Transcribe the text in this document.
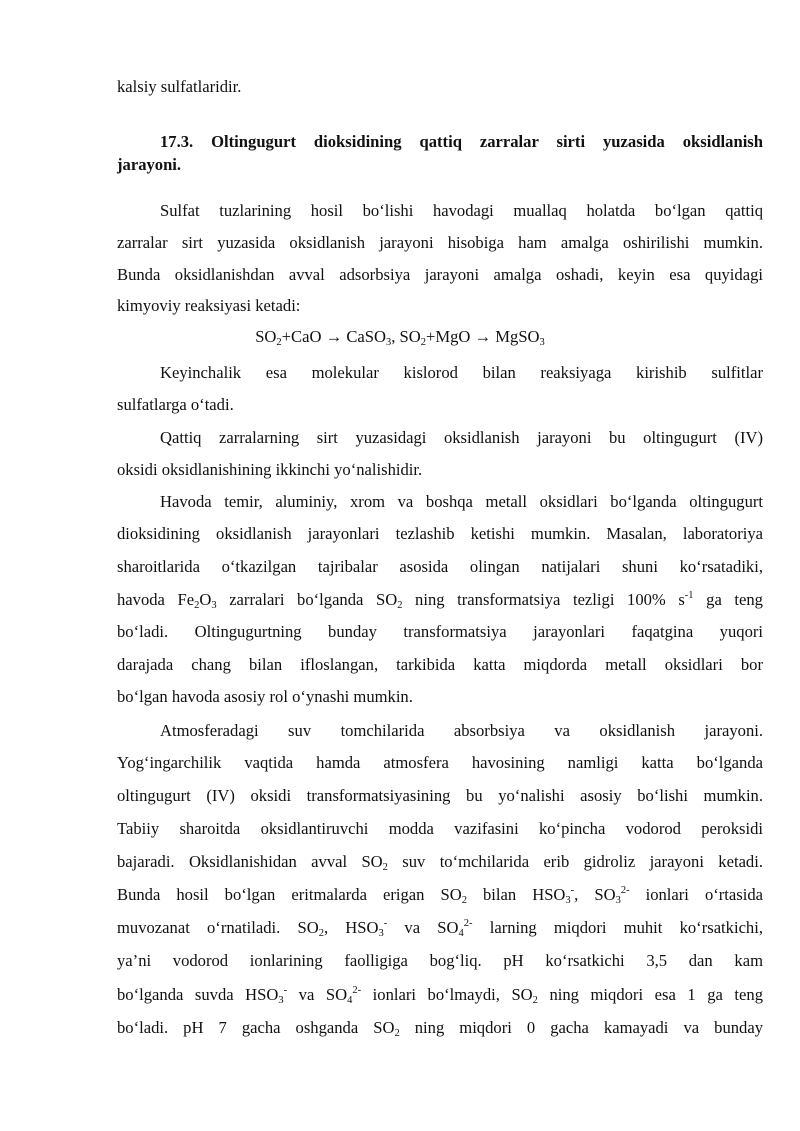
kalsiy sulfatlaridir.
17.3. Oltingugurt dioksidining qattiq zarralar sirti yuzasida oksidlanish
jarayoni.
Sulfat tuzlarining hosil bo‘lishi havodagi muallaq holatda bo‘lgan qattiq
zarralar sirt yuzasida oksidlanish jarayoni hisobiga ham amalga oshirilishi mumkin.
Bunda oksidlanishdan avval adsorbsiya jarayoni amalga oshadi, keyin esa quyidagi
kimyoviy reaksiyasi ketadi:
$SO_2+CaO$ → CaSO$_3$, $SO_2+MgO$ → MgSO$_3$
Keyinchalik esa molekular kislorod bilan reaksiyaga kirishib sulfitlar
sulfatlarga o‘tadi.
Qattiq zarralarning sirt yuzasidagi oksidlanish jarayoni bu oltingugurt (IV)
oksidi oksidlanishining ikkinchi yo‘nalishidir.
Havoda temir, aluminiy, xrom va boshqa metall oksidlari bo‘lganda oltingugurt
dioksidining oksidlanish jarayonlari tezlashib ketishi mumkin. Masalan, laboratoriya
sharoitlarida o‘tkazilgan tajribalar asosida olingan natijalari shuni ko‘rsatadiki,
havoda $Fe_2O_3$ zarralari bo‘lganda $SO_2$ ning transformatsiya tezligi 100% $s^{-1}$ ga teng
bo‘ladi. Oltingugurtning bunday transformatsiya jarayonlari faqatgina yuqori
darajada chang bilan ifloslangan, tarkibida katta miqdorda metall oksidlari bor
bo‘lgan havoda asosiy rol o‘ynashi mumkin.
Atmosferadagi suv tomchilarida absorbsiya va oksidlanish jarayoni.
Yog‘ingarchilik vaqtida hamda atmosfera havosining namligi katta bo‘lganda
oltingugurt (IV) oksidi transformatsiyasining bu yo‘nalishi asosiy bo‘lishi mumkin.
Tabiiy sharoitda oksidlantiruvchi modda vazifasini ko‘pincha vodorod peroksidi
bajaradi. Oksidlanishidan avval $SO_2$ suv to‘mchilarida erib gidroliz jarayoni ketadi.
Bunda hosil bo‘lgan eritmalarda erigan $SO_2$ bilan $HSO_3^-$, $SO_3^{2-}$ ionlari o‘rtasida
muvozanat o‘rnatiladi. $SO_2$, $HSO_3^-$ va $SO_4^{2-}$ larning miqdori muhit ko‘rsatkichi,
ya’ni vodorod ionlarining faolligiga bog‘liq. pH ko‘rsatkichi 3,5 dan kam
bo‘lganda suvda $HSO_3^-$ va $SO_4^{2-}$ ionlari bo‘lmaydi, $SO_2$ ning miqdori esa 1 ga teng
bo‘ladi. pH 7 gacha oshganda $SO_2$ ning miqdori 0 gacha kamayadi va bunday
